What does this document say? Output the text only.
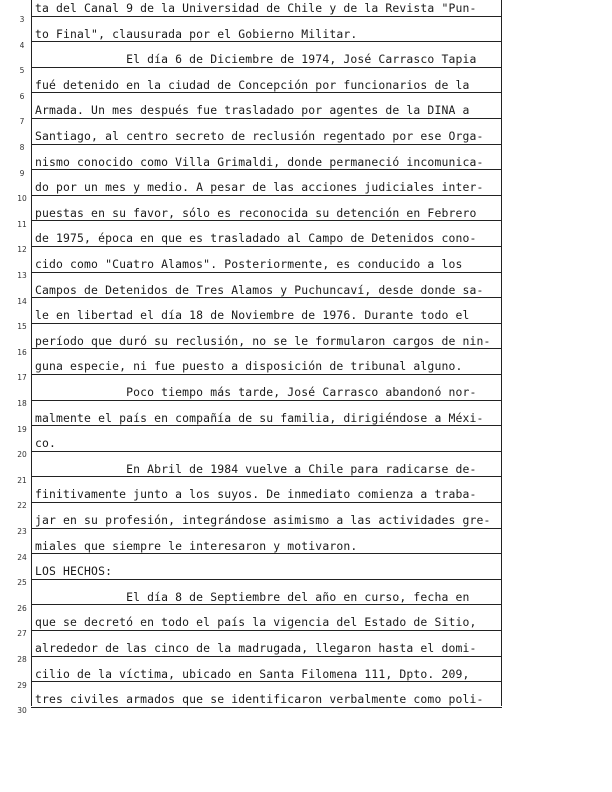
3
ta del Canal 9 de la Universidad de Chile y de la Revista "Pun-
4
to Final", clausurada por el Gobierno Militar.
5
El día 6 de Diciembre de 1974, José Carrasco Tapia
6
fué detenido en la ciudad de Concepción por funcionarios de la
7
Armada. Un mes después fue trasladado por agentes de la DINA a
8
Santiago, al centro secreto de reclusión regentado por ese Orga-
9
nismo conocido como Villa Grimaldi, donde permaneció incomunica-
10
do por un mes y medio. A pesar de las acciones judiciales inter-
11
puestas en su favor, sólo es reconocida su detención en Febrero
12
de 1975, época en que es trasladado al Campo de Detenidos cono-
13
cido como "Cuatro Alamos". Posteriormente, es conducido a los
14
Campos de Detenidos de Tres Alamos y Puchuncaví, desde donde sa-
15
le en libertad el día 18 de Noviembre de 1976. Durante todo el
16
período que duró su reclusión, no se le formularon cargos de nin-
17
guna especie, ni fue puesto a disposición de tribunal alguno.
18
Poco tiempo más tarde, José Carrasco abandonó nor-
19
malmente el país en compañía de su familia, dirigiéndose a Méxi-
20
co.
21
En Abril de 1984 vuelve a Chile para radicarse de-
22
finitivamente junto a los suyos. De inmediato comienza a traba-
23
jar en su profesión, integrándose asimismo a las actividades gre-
24
miales que siempre le interesaron y motivaron.
25
LOS HECHOS:
26
El día 8 de Septiembre del año en curso, fecha en
27
que se decretó en todo el país la vigencia del Estado de Sitio,
28
alrededor de las cinco de la madrugada, llegaron hasta el domi-
29
cilio de la víctima, ubicado en Santa Filomena 111, Dpto. 209,
30
tres civiles armados que se identificaron verbalmente como poli-
